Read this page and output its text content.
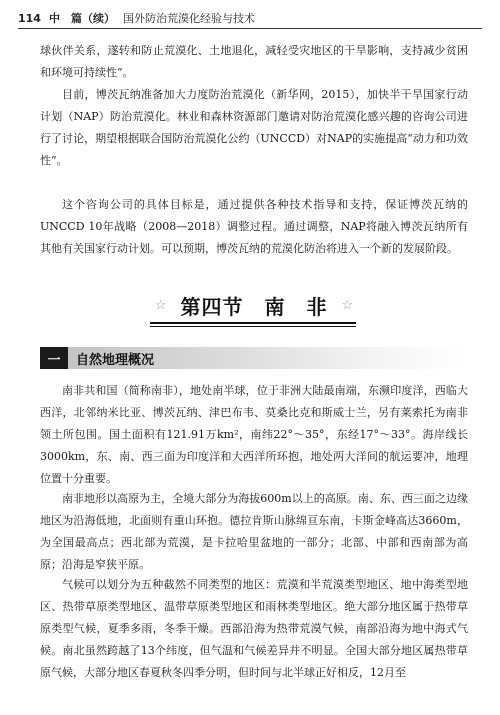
114 中　篇（续） 国外防治荒漠化经验与技术

球伙伴关系，遂转和防止荒漠化、土地退化，减轻受灾地区的干旱影响，支持减少贫困和环境可持续性”。

目前，博茨瓦纳准备加大力度防治荒漠化（新华网，2015），加快半干旱国家行动计划（NAP）防治荒漠化。林业和森林资源部门邀请对防治荒漠化感兴趣的咨询公司进行了讨论，期望根据联合国防治荒漠化公约（UNCCD）对NAP的实施提高“动力和功效性”。

这个咨询公司的具体目标是，通过提供各种技术指导和支持，保证博茨瓦纳的UNCCD 10年战略（2008—2018）调整过程。通过调整，NAP将融入博茨瓦纳所有其他有关国家行动计划。可以预期，博茨瓦纳的荒漠化防治将进入一个新的发展阶段。

☆ 第四节　南　非	☆
一	自然地理概况

南非共和国（简称南非），地处南半球，位于非洲大陆最南端，东濒印度洋，西临大西洋，北邻纳米比亚、博茨瓦纳、津巴布韦、莫桑比克和斯威士兰，另有莱索托为南非领土所包围。国土面积有121.91万km²，南纬22°～35°，东经17°～33°。海岸线长3000km，东、南、西三面为印度洋和大西洋所环抱，地处两大洋间的航运要冲，地理位置十分重要。

南非地形以高原为主，全境大部分为海拔600m以上的高原。南、东、西三面之边缘地区为沿海低地，北面则有重山环抱。德拉肯斯山脉绵亘东南，卡斯金峰高达3660m，为全国最高点；西北部为荒漠，是卡拉哈里盆地的一部分；北部、中部和西南部为高原；沿海是窄狭平原。

气候可以划分为五种截然不同类型的地区：荒漠和半荒漠类型地区、地中海类型地区、热带草原类型地区、温带草原类型地区和雨林类型地区。绝大部分地区属于热带草原类型气候，夏季多雨，冬季干燥。西部沿海为热带荒漠气候，南部沿海为地中海式气候。南北虽然跨越了13个纬度，但气温和气候差异并不明显。全国大部分地区属热带草原气候，大部分地区春夏秋冬四季分明，但时间与北半球正好相反，12月至
